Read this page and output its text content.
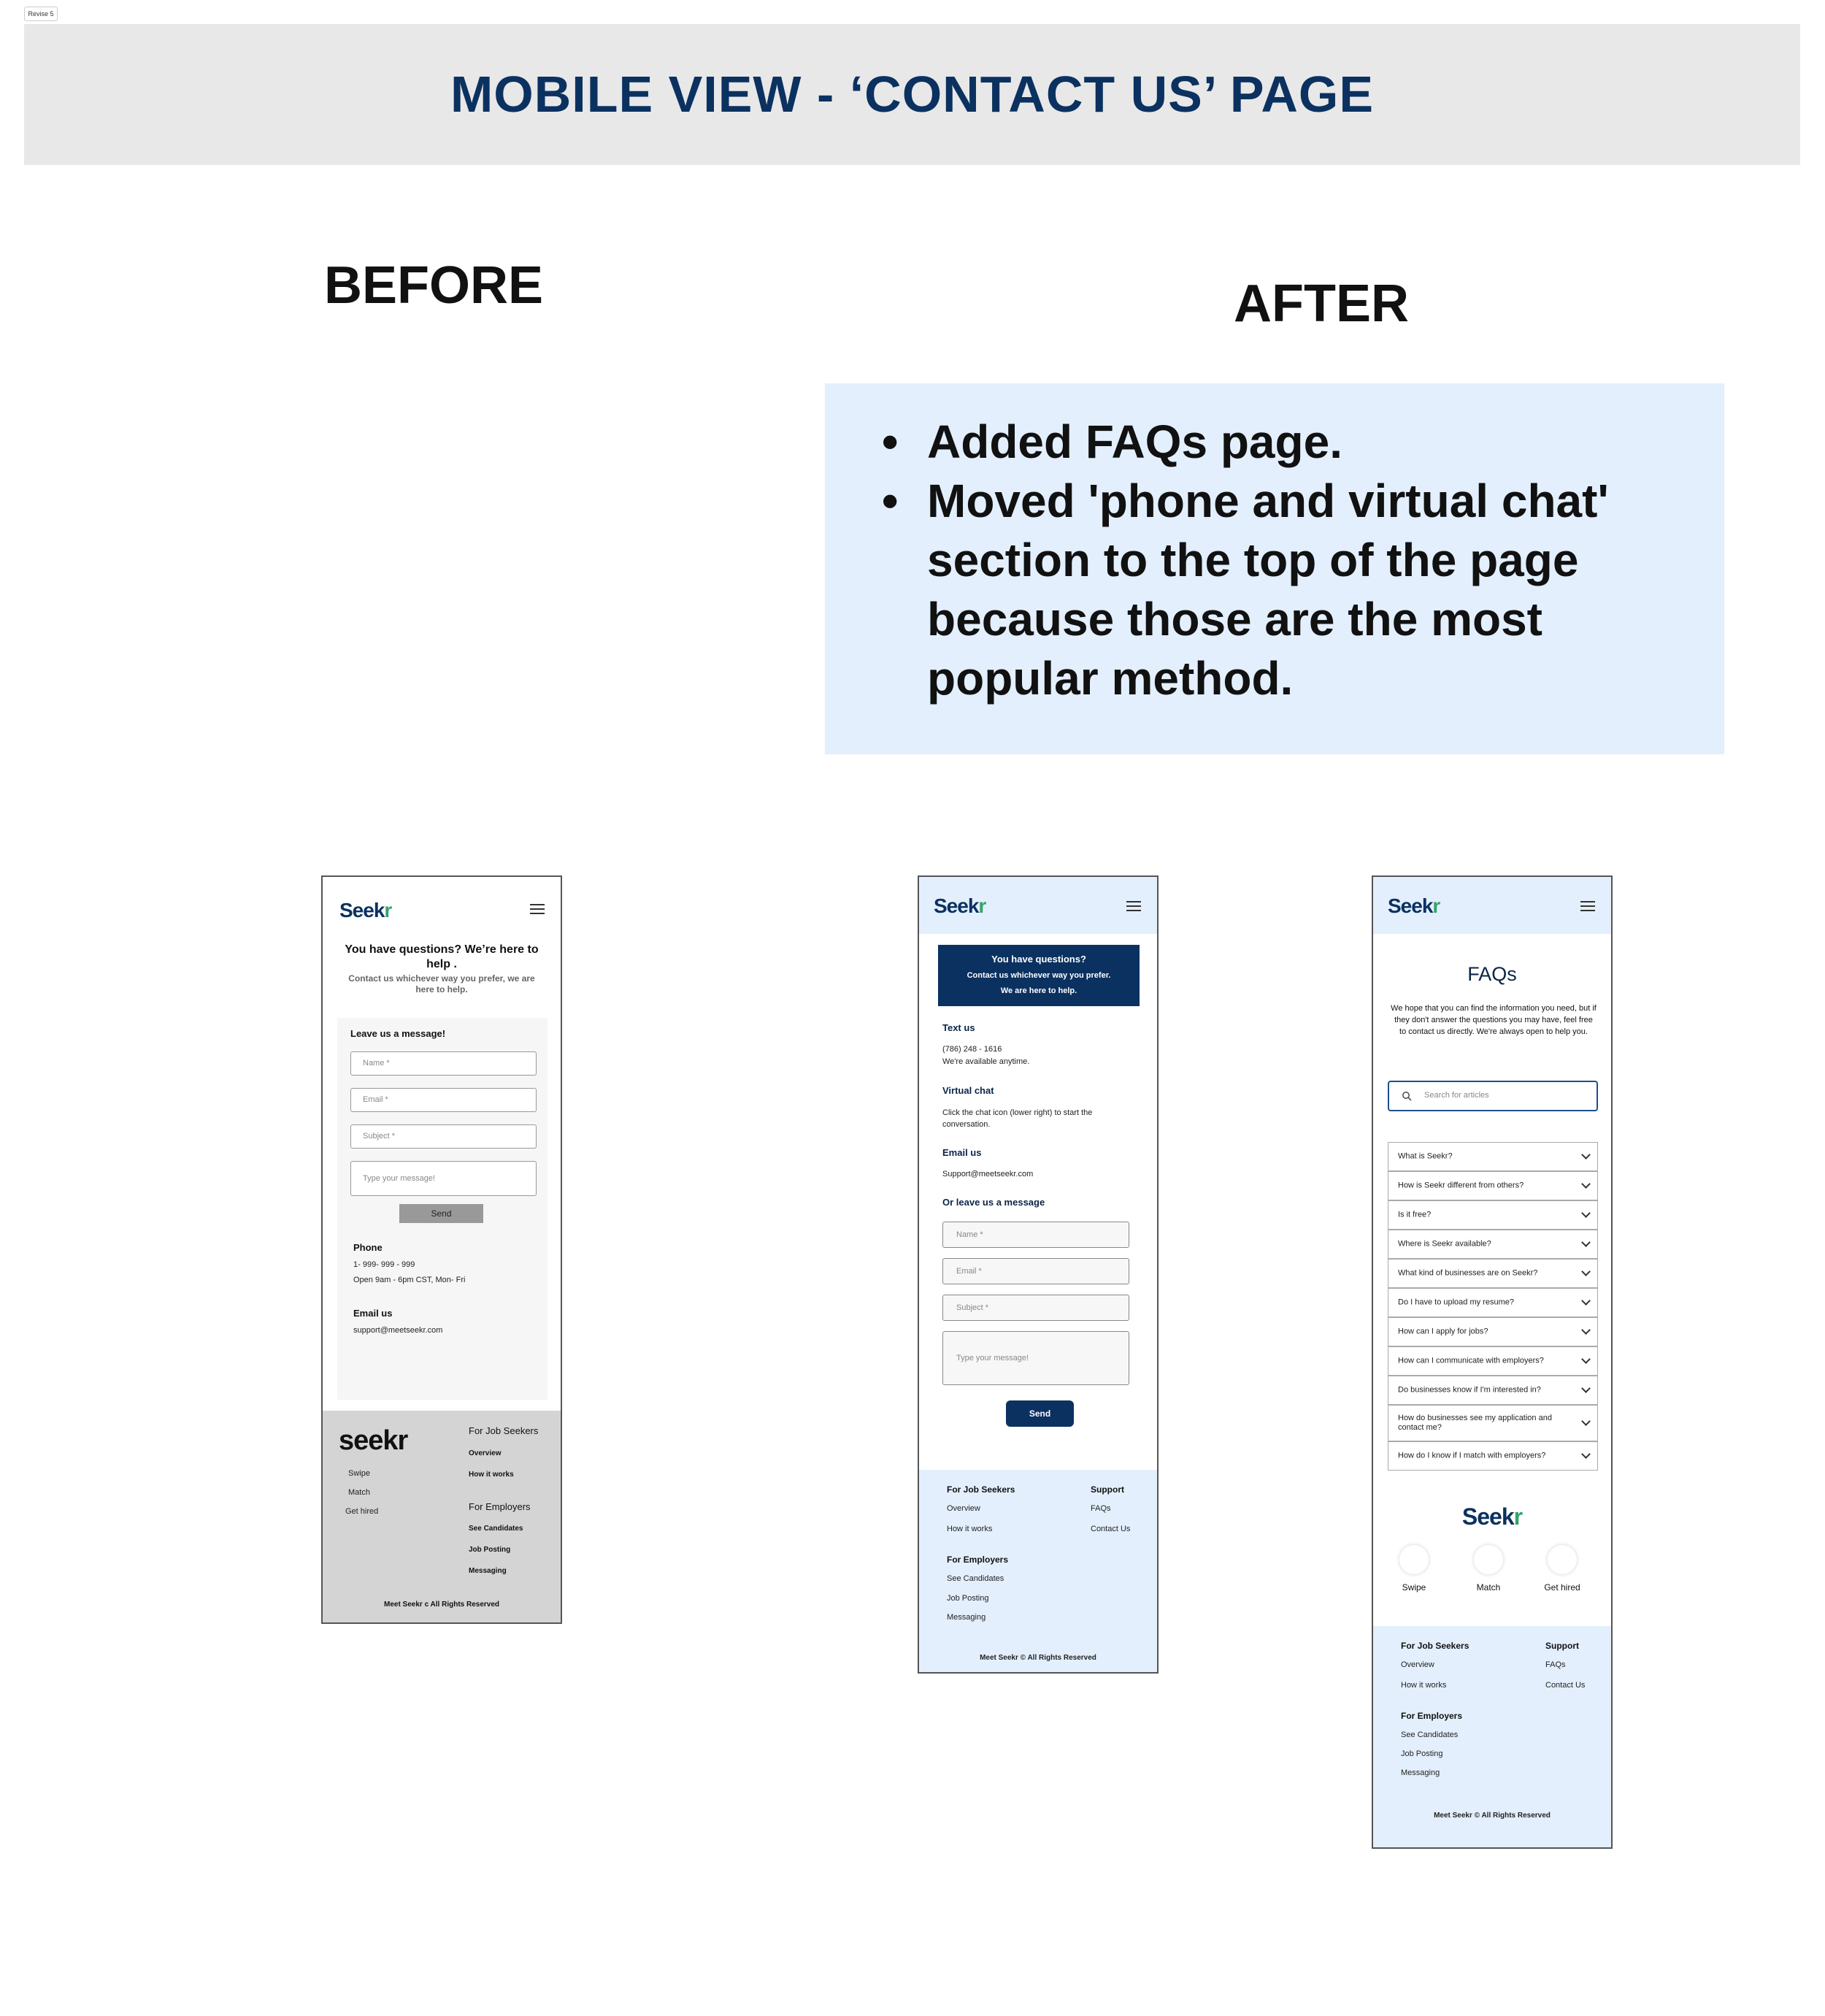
Revise 5
MOBILE VIEW - ‘CONTACT US’ PAGE
BEFORE	AFTER
• Added FAQs page.
• Moved 'phone and virtual chat' section to the top of the page because those are the most popular method.
Seekr
You have questions? We’re here to help .
Contact us whichever way you prefer, we are here to help.
Leave us a message!
Name *
Email *
Subject *
Type your message!
Send
Phone
1- 999- 999 - 999
Open 9am - 6pm CST, Mon- Fri
Email us
support@meetseekr.com
seekr
Swipe
Match
Get hired
For Job Seekers
Overview
How it works
For Employers
See Candidates
Job Posting
Messaging
Meet Seekr c All Rights Reserved
Seekr
You have questions?
Contact us whichever way you prefer.
We are here to help.
Text us
(786) 248 - 1616
We're available anytime.
Virtual chat
Click the chat icon (lower right) to start the conversation.
Email us
Support@meetseekr.com
Or leave us a message
Name *
Email *
Subject *
Type your message!
Send
For Job Seekers
Overview
How it works
Support
FAQs
Contact Us
For Employers
See Candidates
Job Posting
Messaging
Meet Seekr © All Rights Reserved
Seekr
FAQs
We hope that you can find the information you need, but if they don't answer the questions you may have, feel free to contact us directly. We're always open to help you.
Search for articles
What is Seekr?
How is Seekr different from others?
Is it free?
Where is Seekr available?
What kind of businesses are on Seekr?
Do I have to upload my resume?
How can I apply for jobs?
How can I communicate with employers?
Do businesses know if I'm interested in?
How do businesses see my application and contact me?
How do I know if I match with employers?
Seekr
Swipe	Match	Get hired
For Job Seekers
Overview
How it works
Support
FAQs
Contact Us
For Employers
See Candidates
Job Posting
Messaging
Meet Seekr © All Rights Reserved
